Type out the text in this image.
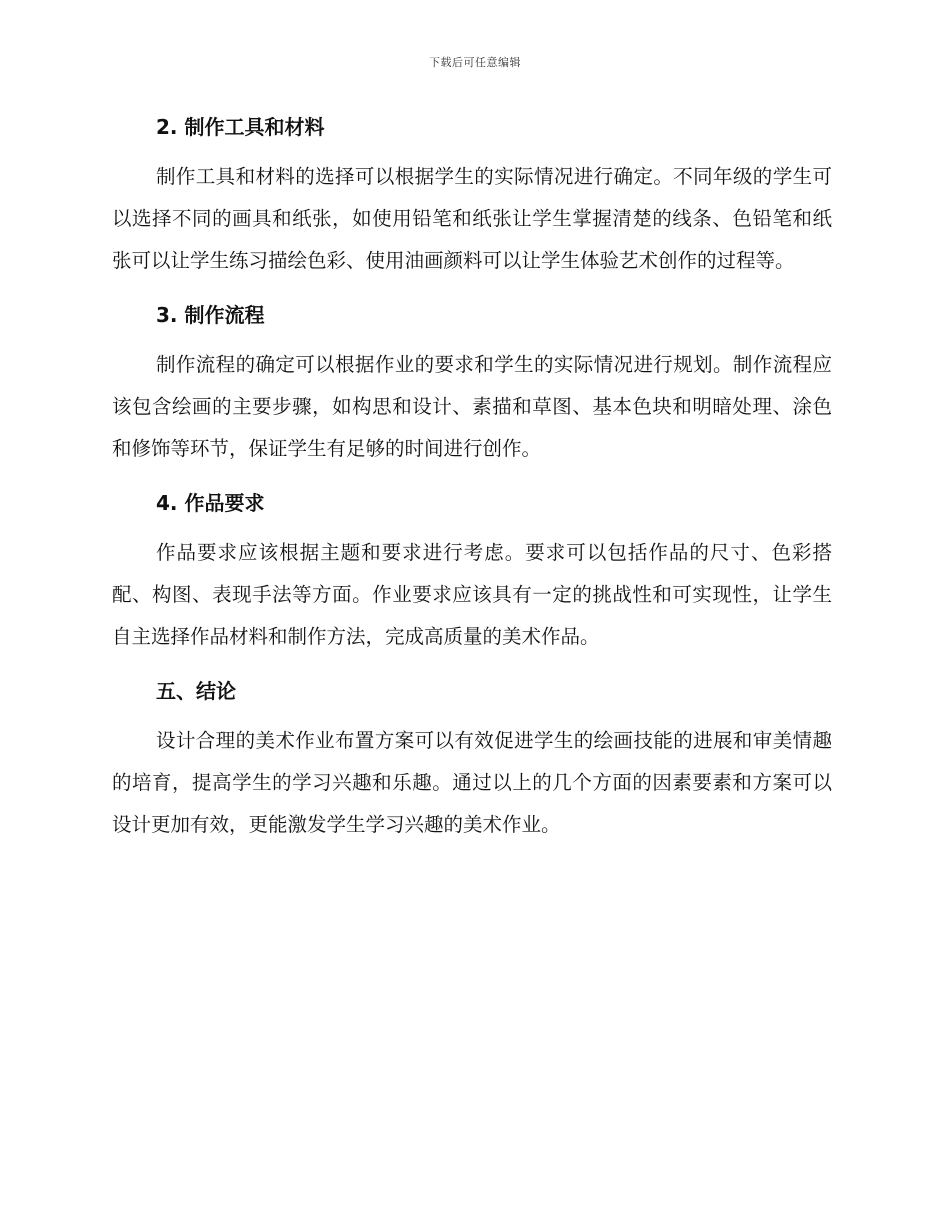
下载后可任意编辑
2. 制作工具和材料

制作工具和材料的选择可以根据学生的实际情况进行确定。不同年级的学生可以选择不同的画具和纸张，如使用铅笔和纸张让学生掌握清楚的线条、色铅笔和纸张可以让学生练习描绘色彩、使用油画颜料可以让学生体验艺术创作的过程等。

3. 制作流程

制作流程的确定可以根据作业的要求和学生的实际情况进行规划。制作流程应该包含绘画的主要步骤，如构思和设计、素描和草图、基本色块和明暗处理、涂色和修饰等环节，保证学生有足够的时间进行创作。

4. 作品要求

作品要求应该根据主题和要求进行考虑。要求可以包括作品的尺寸、色彩搭配、构图、表现手法等方面。作业要求应该具有一定的挑战性和可实现性，让学生自主选择作品材料和制作方法，完成高质量的美术作品。

五、结论

设计合理的美术作业布置方案可以有效促进学生的绘画技能的进展和审美情趣的培育，提高学生的学习兴趣和乐趣。通过以上的几个方面的因素要素和方案可以设计更加有效，更能激发学生学习兴趣的美术作业。
